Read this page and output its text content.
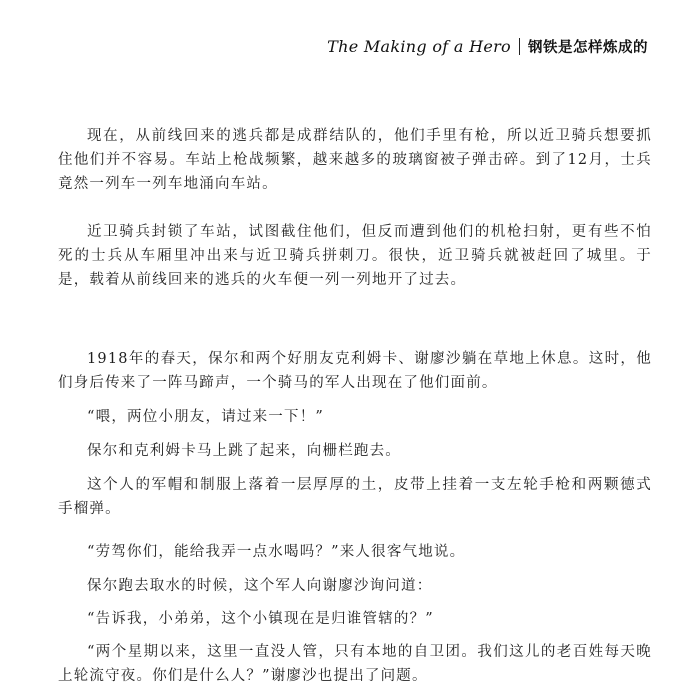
The Making of a Hero 钢铁是怎样炼成的

现在，从前线回来的逃兵都是成群结队的，他们手里有枪，所以近卫骑兵想要抓住他们并不容易。车站上枪战频繁，越来越多的玻璃窗被子弹击碎。到了12月，士兵竟然一列车一列车地涌向车站。

近卫骑兵封锁了车站，试图截住他们，但反而遭到他们的机枪扫射，更有些不怕死的士兵从车厢里冲出来与近卫骑兵拼刺刀。很快，近卫骑兵就被赶回了城里。于是，载着从前线回来的逃兵的火车便一列一列地开了过去。

1918年的春天，保尔和两个好朋友克利姆卡、谢廖沙躺在草地上休息。这时，他们身后传来了一阵马蹄声，一个骑马的军人出现在了他们面前。

“喂，两位小朋友，请过来一下！”

保尔和克利姆卡马上跳了起来，向栅栏跑去。

这个人的军帽和制服上落着一层厚厚的土，皮带上挂着一支左轮手枪和两颗德式手榴弹。

“劳驾你们，能给我弄一点水喝吗？”来人很客气地说。

保尔跑去取水的时候，这个军人向谢廖沙询问道：

“告诉我，小弟弟，这个小镇现在是归谁管辖的？”

“两个星期以来，这里一直没人管，只有本地的自卫团。我们这儿的老百姓每天晚上轮流守夜。你们是什么人？”谢廖沙也提出了问题。
